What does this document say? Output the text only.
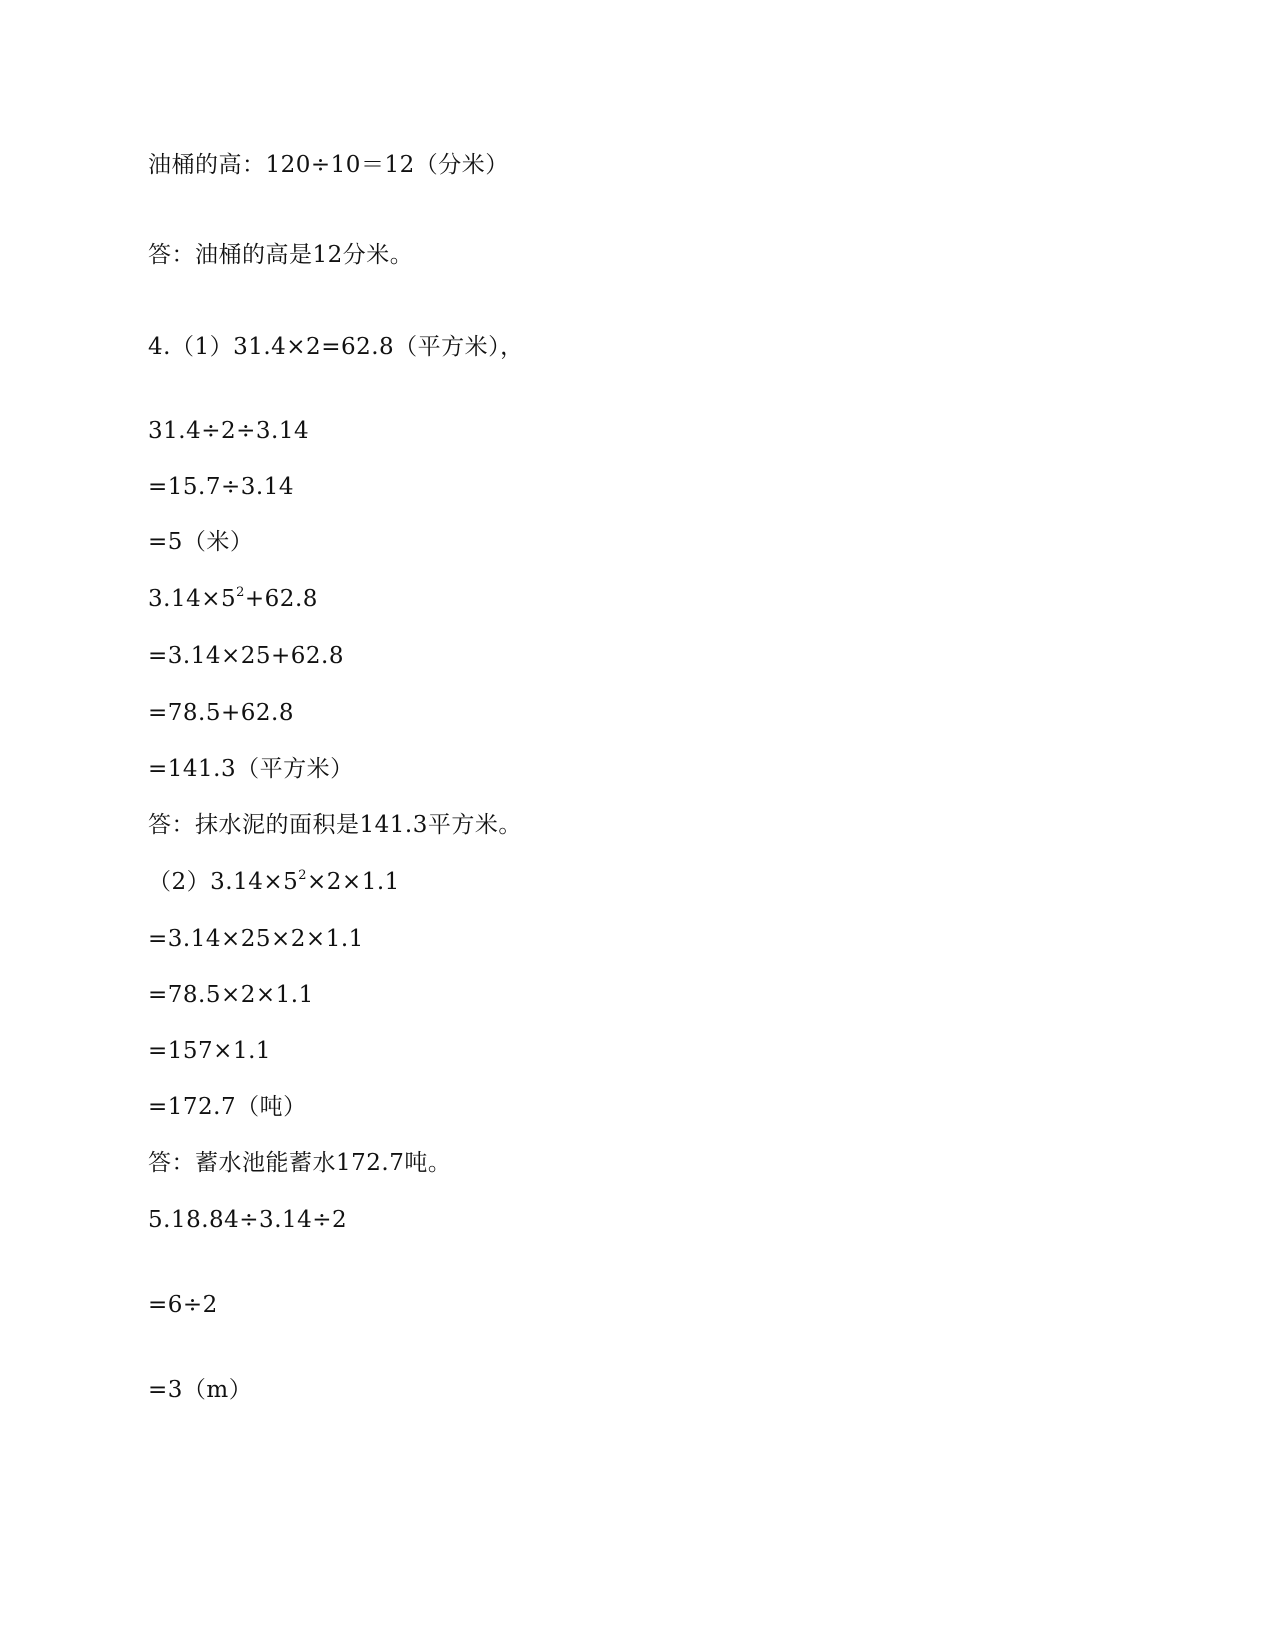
油桶的高：120÷10＝12（分米）
答：油桶的高是12分米。
4.（1）31.4×2=62.8（平方米），
31.4÷2÷3.14
=15.7÷3.14
=5（米）
$3.14\times 5^2+62.8$
=3.14×25+62.8
=78.5+62.8
=141.3（平方米）
答：抹水泥的面积是141.3平方米。
$(2)3.14\times 5^2\times 2\times 1.1$
=3.14×25×2×1.1
=78.5×2×1.1
=157×1.1
=172.7（吨）
答：蓄水池能蓄水172.7吨。
5.18.84÷3.14÷2
=6÷2
=3（m）
